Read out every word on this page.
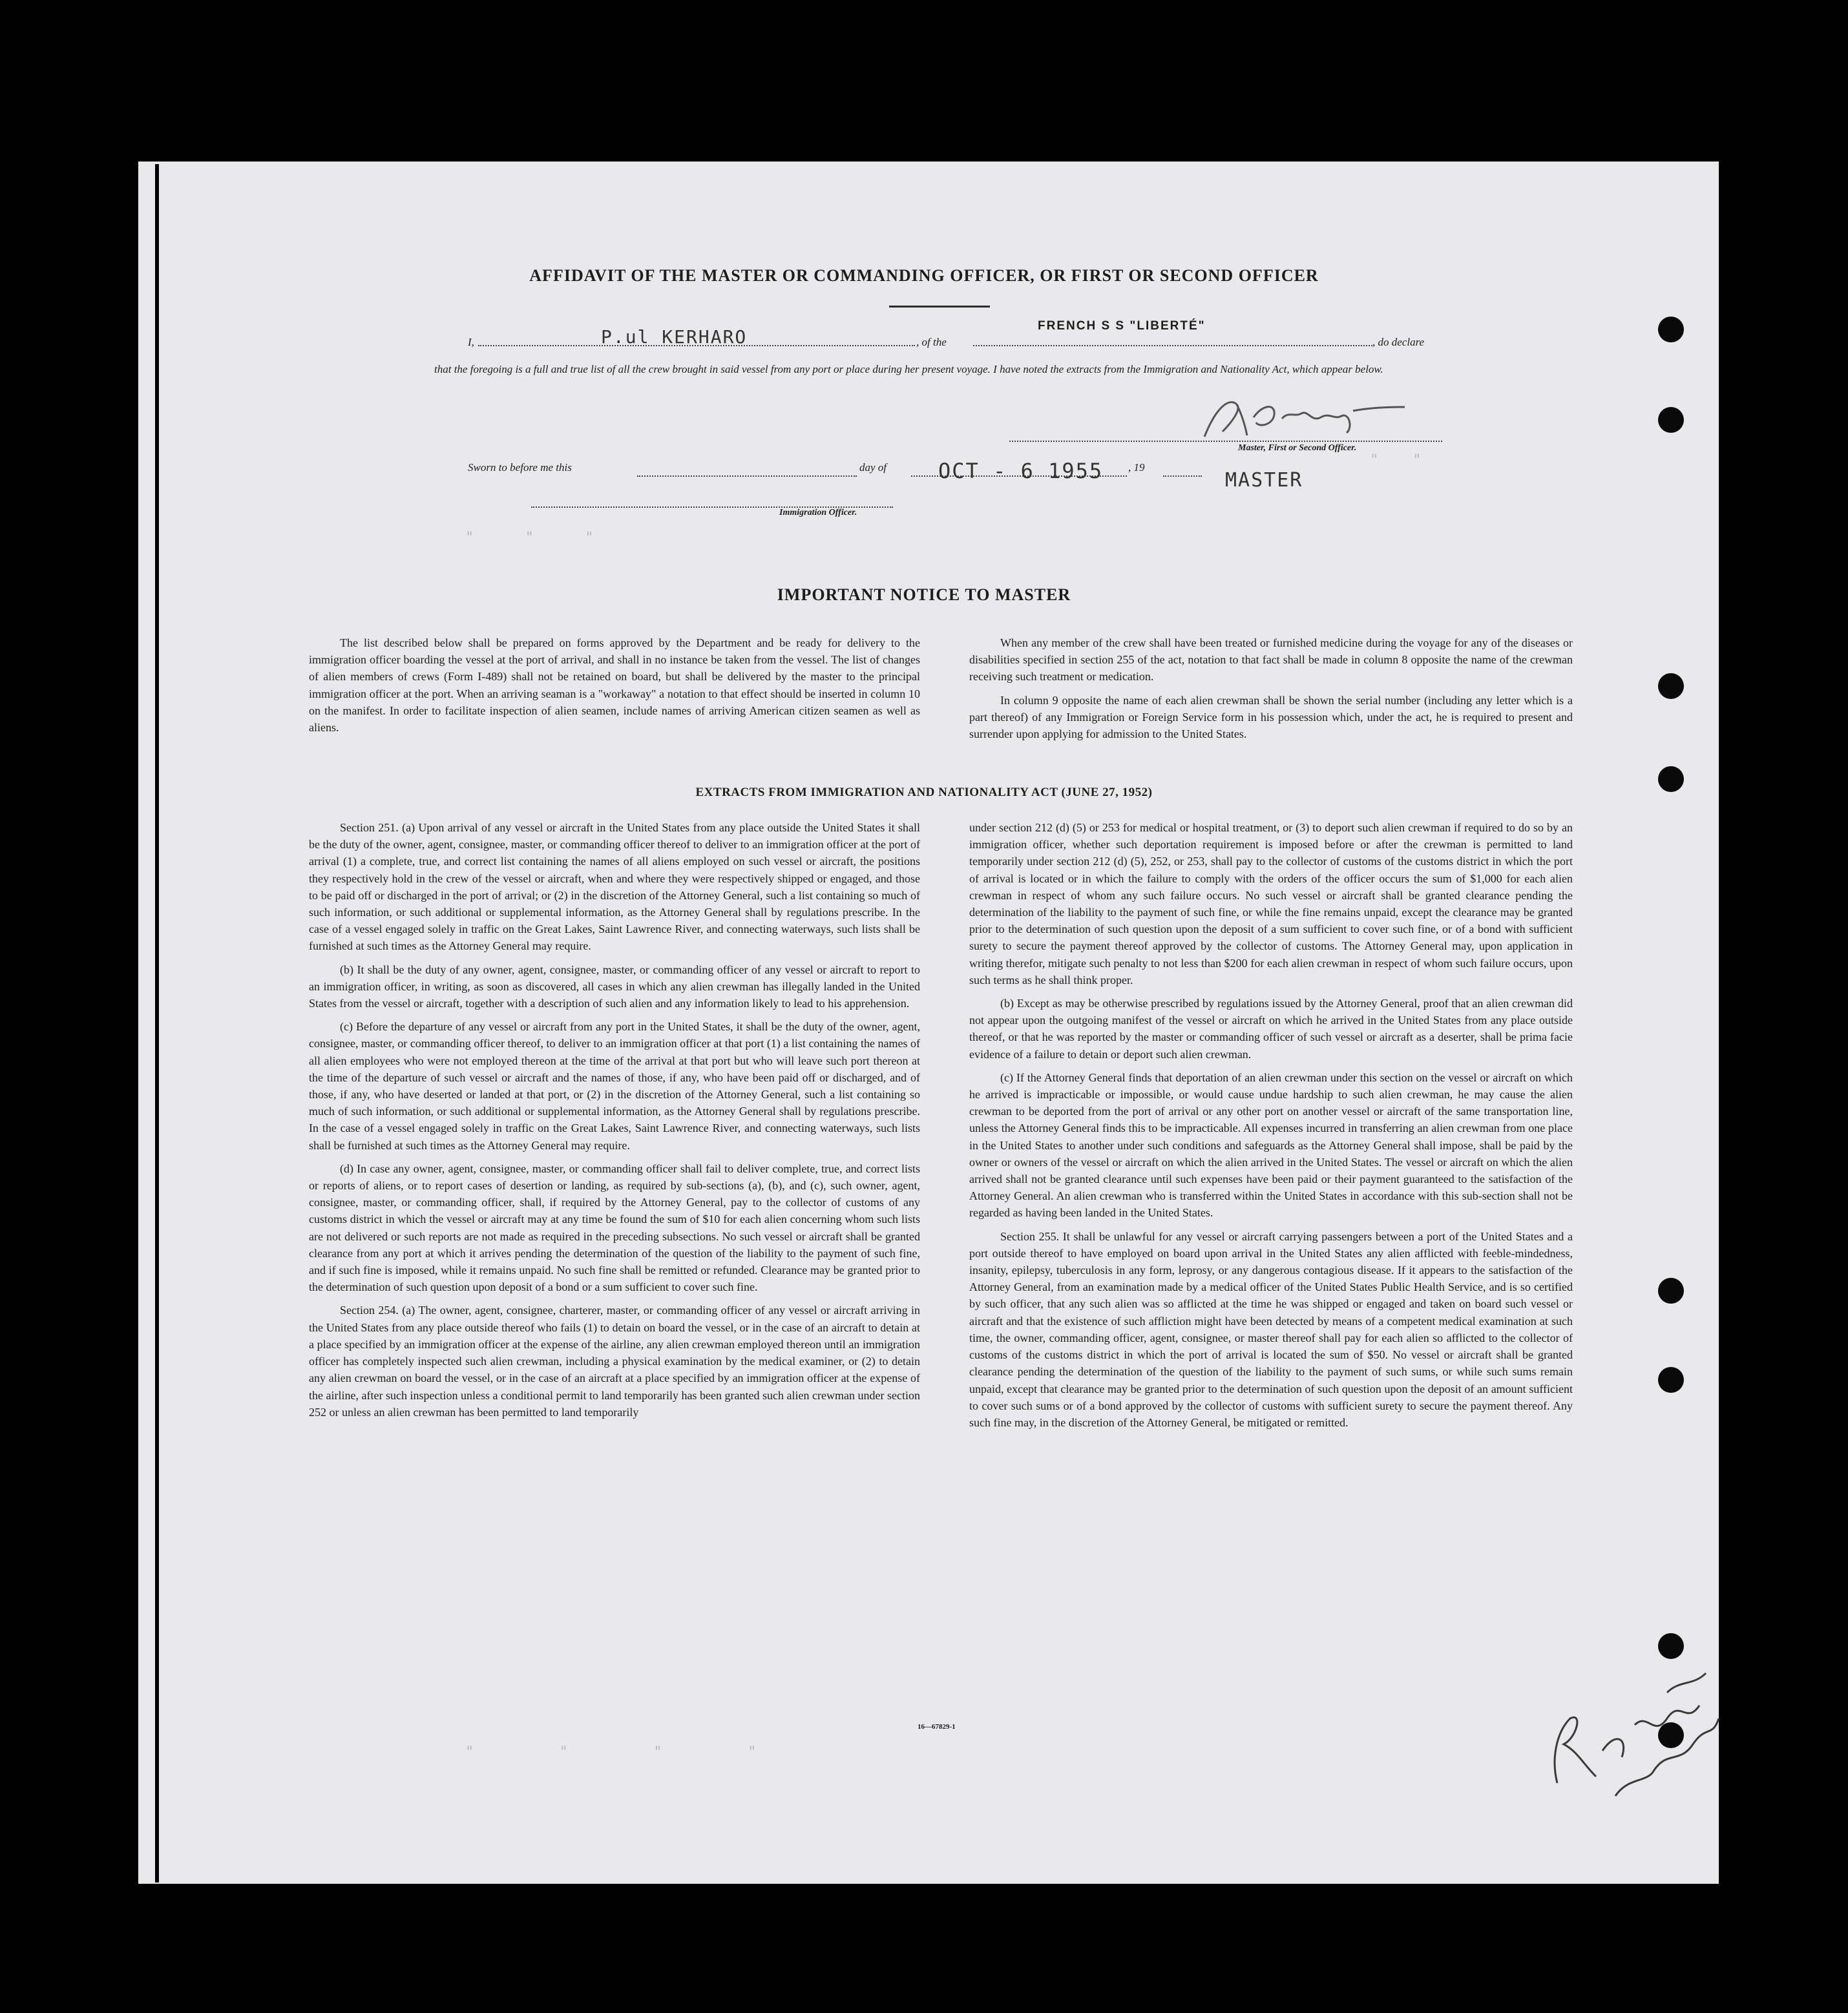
"    "
"      "      "
"          "          "          "
AFFIDAVIT OF THE MASTER OR COMMANDING OFFICER, OR FIRST OR SECOND OFFICER
FRENCH S S "LIBERTÉ"
I,	P.ul KERHARO	, of the	, do declare
that the foregoing is a full and true list of all the crew brought in said vessel from any port or place during her present voyage. I have noted the extracts from the Immigration and Nationality Act, which appear below.
Master, First or Second Officer.
MASTER
Sworn to before me this	day of OCT - 6 1955 , 19
Immigration Officer.
IMPORTANT NOTICE TO MASTER

The list described below shall be prepared on forms approved by the Department and be ready for delivery to the immigration officer boarding the vessel at the port of arrival, and shall in no instance be taken from the vessel. The list of changes of alien members of crews (Form I-489) shall not be retained on board, but shall be delivered by the master to the principal immigration officer at the port. When an arriving seaman is a "workaway" a notation to that effect should be inserted in column 10 on the manifest. In order to facilitate inspection of alien seamen, include names of arriving American citizen seamen as well as aliens.

When any member of the crew shall have been treated or furnished medicine during the voyage for any of the diseases or disabilities specified in section 255 of the act, notation to that fact shall be made in column 8 opposite the name of the crewman receiving such treatment or medication.

In column 9 opposite the name of each alien crewman shall be shown the serial number (including any letter which is a part thereof) of any Immigration or Foreign Service form in his possession which, under the act, he is required to present and surrender upon applying for admission to the United States.

EXTRACTS FROM IMMIGRATION AND NATIONALITY ACT (JUNE 27, 1952)

Section 251. (a) Upon arrival of any vessel or aircraft in the United States from any place outside the United States it shall be the duty of the owner, agent, consignee, master, or commanding officer thereof to deliver to an immigration officer at the port of arrival (1) a complete, true, and correct list containing the names of all aliens employed on such vessel or aircraft, the positions they respectively hold in the crew of the vessel or aircraft, when and where they were respectively shipped or engaged, and those to be paid off or discharged in the port of arrival; or (2) in the discretion of the Attorney General, such a list containing so much of such information, or such additional or supplemental information, as the Attorney General shall by regulations prescribe. In the case of a vessel engaged solely in traffic on the Great Lakes, Saint Lawrence River, and connecting waterways, such lists shall be furnished at such times as the Attorney General may require.

(b) It shall be the duty of any owner, agent, consignee, master, or commanding officer of any vessel or aircraft to report to an immigration officer, in writing, as soon as discovered, all cases in which any alien crewman has illegally landed in the United States from the vessel or aircraft, together with a description of such alien and any information likely to lead to his apprehension.

(c) Before the departure of any vessel or aircraft from any port in the United States, it shall be the duty of the owner, agent, consignee, master, or commanding officer thereof, to deliver to an immigration officer at that port (1) a list containing the names of all alien employees who were not employed thereon at the time of the arrival at that port but who will leave such port thereon at the time of the departure of such vessel or aircraft and the names of those, if any, who have been paid off or discharged, and of those, if any, who have deserted or landed at that port, or (2) in the discretion of the Attorney General, such a list containing so much of such information, or such additional or supplemental information, as the Attorney General shall by regulations prescribe. In the case of a vessel engaged solely in traffic on the Great Lakes, Saint Lawrence River, and connecting waterways, such lists shall be furnished at such times as the Attorney General may require.

(d) In case any owner, agent, consignee, master, or commanding officer shall fail to deliver complete, true, and correct lists or reports of aliens, or to report cases of desertion or landing, as required by sub-sections (a), (b), and (c), such owner, agent, consignee, master, or commanding officer, shall, if required by the Attorney General, pay to the collector of customs of any customs district in which the vessel or aircraft may at any time be found the sum of $10 for each alien concerning whom such lists are not delivered or such reports are not made as required in the preceding subsections. No such vessel or aircraft shall be granted clearance from any port at which it arrives pending the determination of the question of the liability to the payment of such fine, and if such fine is imposed, while it remains unpaid. No such fine shall be remitted or refunded. Clearance may be granted prior to the determination of such question upon deposit of a bond or a sum sufficient to cover such fine.

Section 254. (a) The owner, agent, consignee, charterer, master, or commanding officer of any vessel or aircraft arriving in the United States from any place outside thereof who fails (1) to detain on board the vessel, or in the case of an aircraft to detain at a place specified by an immigration officer at the expense of the airline, any alien crewman employed thereon until an immigration officer has completely inspected such alien crewman, including a physical examination by the medical examiner, or (2) to detain any alien crewman on board the vessel, or in the case of an aircraft at a place specified by an immigration officer at the expense of the airline, after such inspection unless a conditional permit to land temporarily has been granted such alien crewman under section 252 or unless an alien crewman has been permitted to land temporarily

under section 212 (d) (5) or 253 for medical or hospital treatment, or (3) to deport such alien crewman if required to do so by an immigration officer, whether such deportation requirement is imposed before or after the crewman is permitted to land temporarily under section 212 (d) (5), 252, or 253, shall pay to the collector of customs of the customs district in which the port of arrival is located or in which the failure to comply with the orders of the officer occurs the sum of $1,000 for each alien crewman in respect of whom any such failure occurs. No such vessel or aircraft shall be granted clearance pending the determination of the liability to the payment of such fine, or while the fine remains unpaid, except the clearance may be granted prior to the determination of such question upon the deposit of a sum sufficient to cover such fine, or of a bond with sufficient surety to secure the payment thereof approved by the collector of customs. The Attorney General may, upon application in writing therefor, mitigate such penalty to not less than $200 for each alien crewman in respect of whom such failure occurs, upon such terms as he shall think proper.

(b) Except as may be otherwise prescribed by regulations issued by the Attorney General, proof that an alien crewman did not appear upon the outgoing manifest of the vessel or aircraft on which he arrived in the United States from any place outside thereof, or that he was reported by the master or commanding officer of such vessel or aircraft as a deserter, shall be prima facie evidence of a failure to detain or deport such alien crewman.

(c) If the Attorney General finds that deportation of an alien crewman under this section on the vessel or aircraft on which he arrived is impracticable or impossible, or would cause undue hardship to such alien crewman, he may cause the alien crewman to be deported from the port of arrival or any other port on another vessel or aircraft of the same transportation line, unless the Attorney General finds this to be impracticable. All expenses incurred in transferring an alien crewman from one place in the United States to another under such conditions and safeguards as the Attorney General shall impose, shall be paid by the owner or owners of the vessel or aircraft on which the alien arrived in the United States. The vessel or aircraft on which the alien arrived shall not be granted clearance until such expenses have been paid or their payment guaranteed to the satisfaction of the Attorney General. An alien crewman who is transferred within the United States in accordance with this sub-section shall not be regarded as having been landed in the United States.

Section 255. It shall be unlawful for any vessel or aircraft carrying passengers between a port of the United States and a port outside thereof to have employed on board upon arrival in the United States any alien afflicted with feeble-mindedness, insanity, epilepsy, tuberculosis in any form, leprosy, or any dangerous contagious disease. If it appears to the satisfaction of the Attorney General, from an examination made by a medical officer of the United States Public Health Service, and is so certified by such officer, that any such alien was so afflicted at the time he was shipped or engaged and taken on board such vessel or aircraft and that the existence of such affliction might have been detected by means of a competent medical examination at such time, the owner, commanding officer, agent, consignee, or master thereof shall pay for each alien so afflicted to the collector of customs of the customs district in which the port of arrival is located the sum of $50. No vessel or aircraft shall be granted clearance pending the determination of the question of the liability to the payment of such sums, or while such sums remain unpaid, except that clearance may be granted prior to the determination of such question upon the deposit of an amount sufficient to cover such sums or of a bond approved by the collector of customs with sufficient surety to secure the payment thereof. Any such fine may, in the discretion of the Attorney General, be mitigated or remitted.

16—67829-1
